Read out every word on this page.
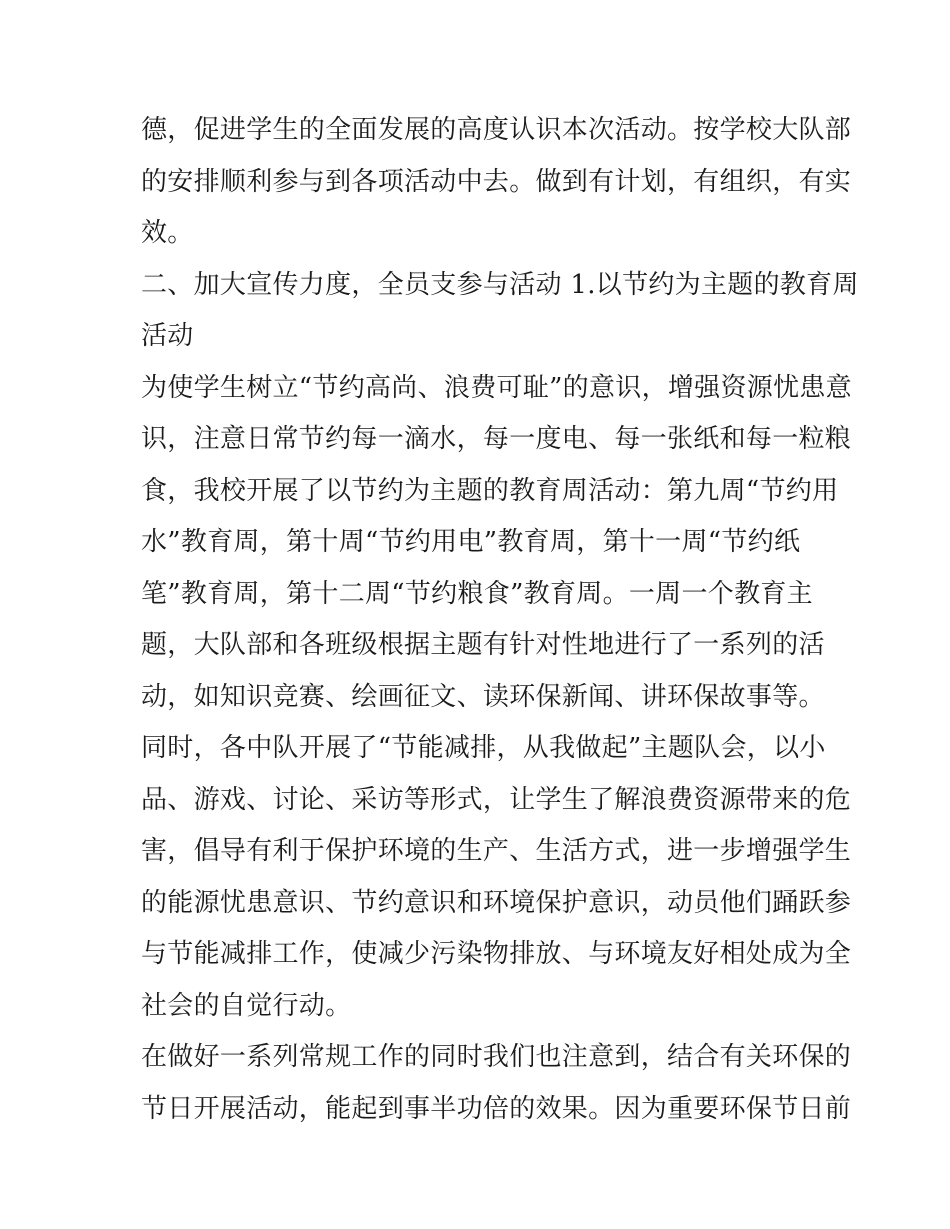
德，促进学生的全面发展的高度认识本次活动。按学校大队部
的安排顺利参与到各项活动中去。做到有计划，有组织，有实
效。
二、加大宣传力度，全员支参与活动 1.以节约为主题的教育周
活动
为使学生树立“节约高尚、浪费可耻”的意识，增强资源忧患意
识，注意日常节约每一滴水，每一度电、每一张纸和每一粒粮
食，我校开展了以节约为主题的教育周活动：第九周“节约用
水”教育周，第十周“节约用电”教育周，第十一周“节约纸
笔”教育周，第十二周“节约粮食”教育周。一周一个教育主
题，大队部和各班级根据主题有针对性地进行了一系列的活
动，如知识竞赛、绘画征文、读环保新闻、讲环保故事等。
同时，各中队开展了“节能减排，从我做起”主题队会，以小
品、游戏、讨论、采访等形式，让学生了解浪费资源带来的危
害，倡导有利于保护环境的生产、生活方式，进一步增强学生
的能源忧患意识、节约意识和环境保护意识，动员他们踊跃参
与节能减排工作，使减少污染物排放、与环境友好相处成为全
社会的自觉行动。
在做好一系列常规工作的同时我们也注意到，结合有关环保的
节日开展活动，能起到事半功倍的效果。因为重要环保节日前
